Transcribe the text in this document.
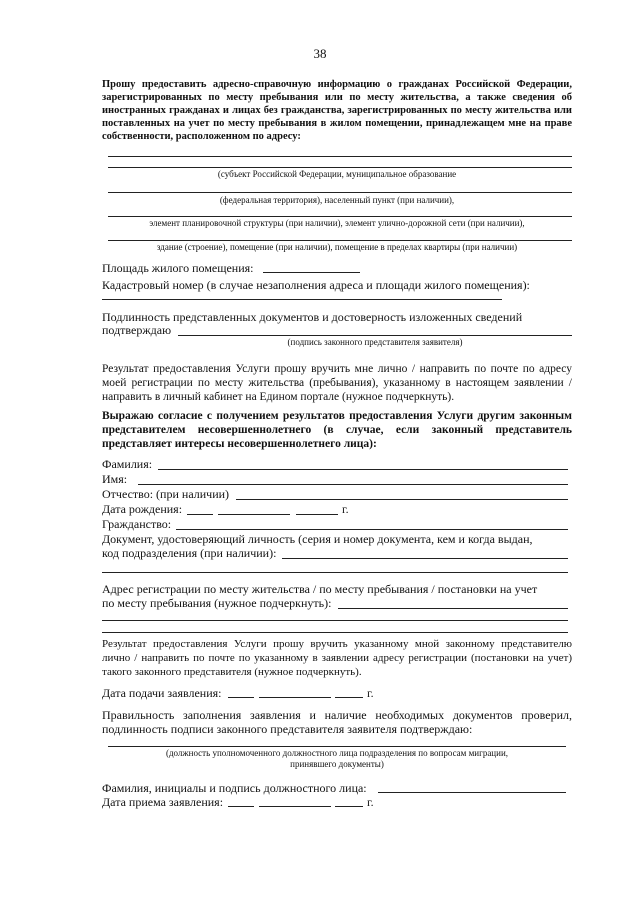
38
Прошу предоставить адресно-справочную информацию о гражданах Российской Федерации, зарегистрированных по месту пребывания или по месту жительства, а также сведения об иностранных гражданах и лицах без гражданства, зарегистрированных по месту жительства или поставленных на учет по месту пребывания в жилом помещении, принадлежащем мне на праве собственности, расположенном по адресу:
(субъект Российской Федерации, муниципальное образование
(федеральная территория), населенный пункт (при наличии),
элемент планировочной структуры (при наличии), элемент улично-дорожной сети (при наличии),
здание (строение), помещение (при наличии), помещение в пределах квартиры (при наличии)
Площадь жилого помещения:
Кадастровый номер (в случае незаполнения адреса и площади жилого помещения):
Подлинность представленных документов и достоверность изложенных сведений
подтверждаю
(подпись законного представителя заявителя)
Результат предоставления Услуги прошу вручить мне лично / направить по почте по адресу моей регистрации по месту жительства (пребывания), указанному в настоящем заявлении / направить в личный кабинет на Едином портале (нужное подчеркнуть).
Выражаю согласие с получением результатов предоставления Услуги другим законным представителем несовершеннолетнего (в случае, если законный представитель представляет интересы несовершеннолетнего лица):
Фамилия:
Имя:
Отчество: (при наличии)
Дата рождения:	г.
Гражданство:
Документ, удостоверяющий личность (серия и номер документа, кем и когда выдан,
код подразделения (при наличии):
Адрес регистрации по месту жительства / по месту пребывания / постановки на учет
по месту пребывания (нужное подчеркнуть):
Результат предоставления Услуги прошу вручить указанному мной законному представителю лично / направить по почте по указанному в заявлении адресу регистрации (постановки на учет) такого законного представителя (нужное подчеркнуть).
Дата подачи заявления:	г.
Правильность заполнения заявления и наличие необходимых документов проверил, подлинность подписи законного представителя заявителя подтверждаю:
(должность уполномоченного должностного лица подразделения по вопросам миграции,
принявшего документы)
Фамилия, инициалы и подпись должностного лица:
Дата приема заявления:	г.
